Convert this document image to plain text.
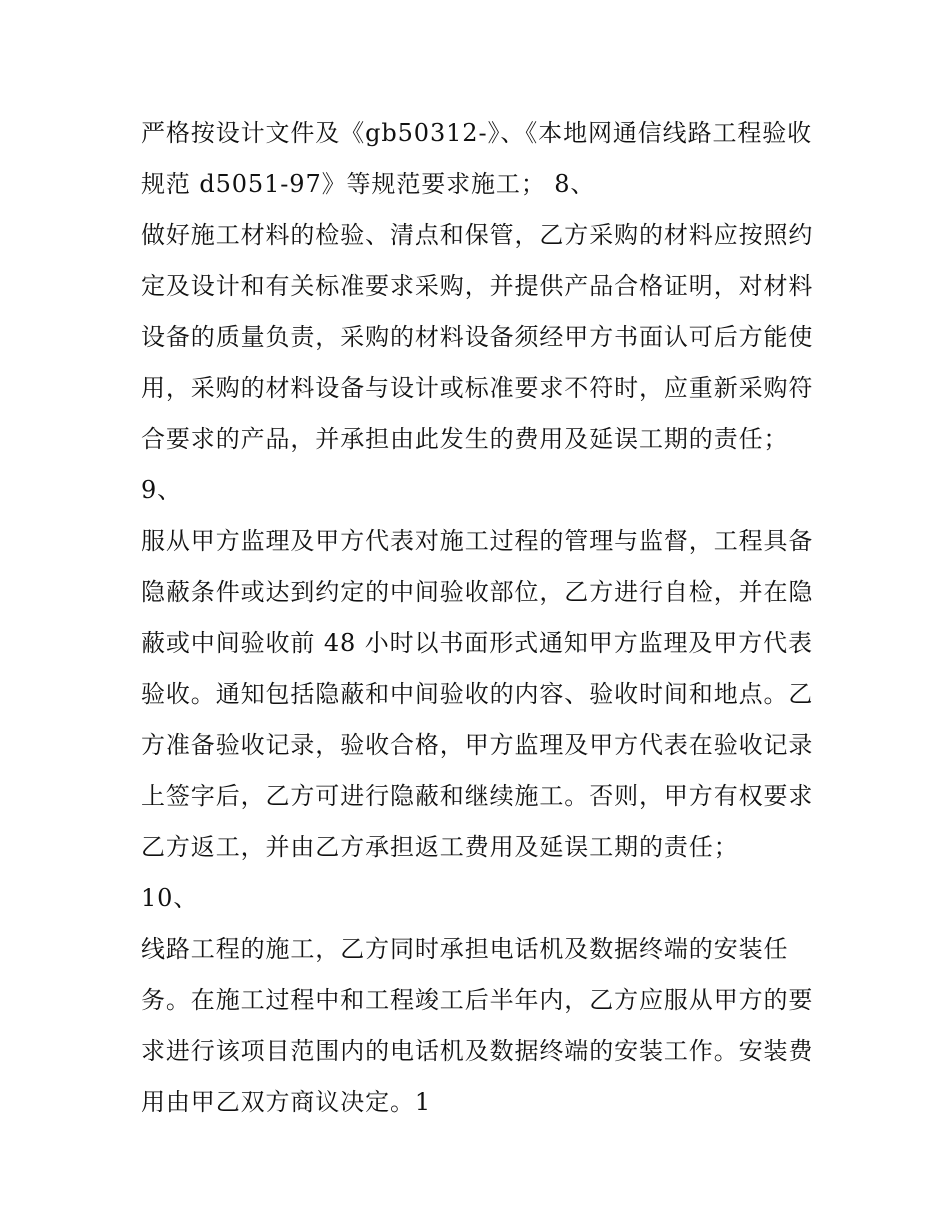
严格按设计文件及《gb50312-》、《本地网通信线路工程验收
规范 d5051-97》等规范要求施工； 8、
做好施工材料的检验、清点和保管，乙方采购的材料应按照约
定及设计和有关标准要求采购，并提供产品合格证明，对材料
设备的质量负责，采购的材料设备须经甲方书面认可后方能使
用，采购的材料设备与设计或标准要求不符时，应重新采购符
合要求的产品，并承担由此发生的费用及延误工期的责任；
9、
服从甲方监理及甲方代表对施工过程的管理与监督，工程具备
隐蔽条件或达到约定的中间验收部位，乙方进行自检，并在隐
蔽或中间验收前 48 小时以书面形式通知甲方监理及甲方代表
验收。通知包括隐蔽和中间验收的内容、验收时间和地点。乙
方准备验收记录，验收合格，甲方监理及甲方代表在验收记录
上签字后，乙方可进行隐蔽和继续施工。否则，甲方有权要求
乙方返工，并由乙方承担返工费用及延误工期的责任；
10、
线路工程的施工，乙方同时承担电话机及数据终端的安装任
务。在施工过程中和工程竣工后半年内，乙方应服从甲方的要
求进行该项目范围内的电话机及数据终端的安装工作。安装费
用由甲乙双方商议决定。1
